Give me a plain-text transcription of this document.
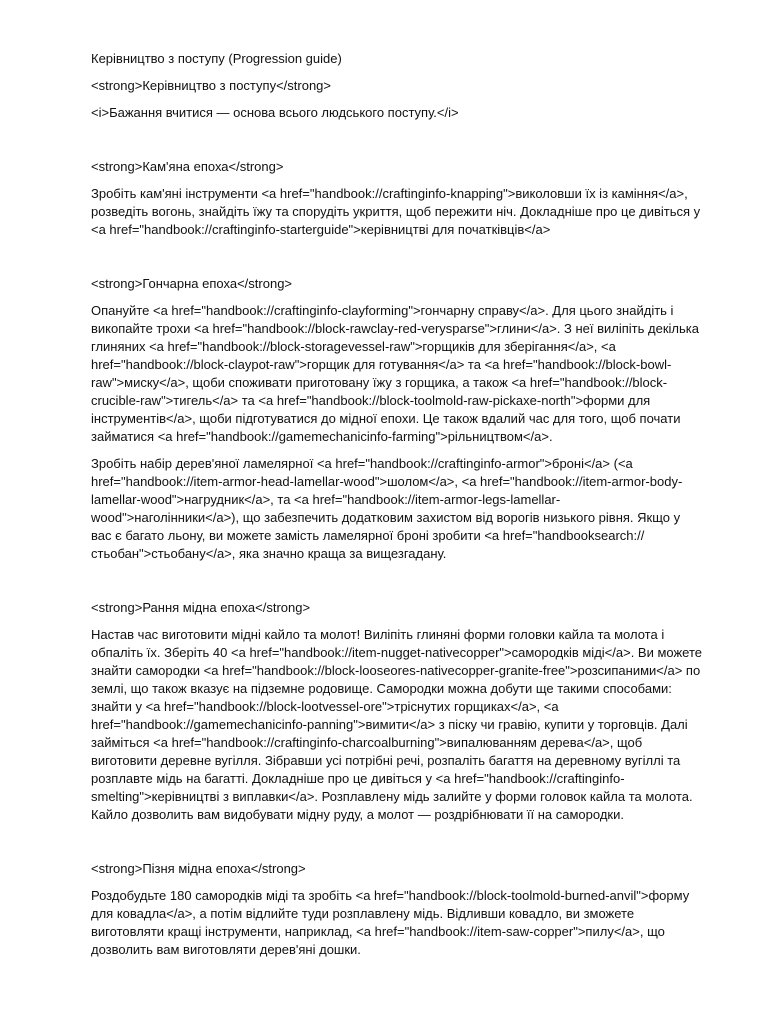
Керівництво з поступу (Progression guide)

<strong>Керівництво з поступу</strong>

<i>Бажання вчитися — основа всього людського поступу.</i>

<strong>Кам'яна епоха</strong>

Зробіть кам'яні інструменти <a href="handbook://craftinginfo-knapping">виколовши їх із каміння</a>, розведіть вогонь, знайдіть їжу та спорудіть укриття, щоб пережити ніч. Докладніше про це дивіться у <a href="handbook://craftinginfo-starterguide">керівництві для початківців</a>

<strong>Гончарна епоха</strong>

Опануйте <a href="handbook://craftinginfo-clayforming">гончарну справу</a>. Для цього знайдіть і викопайте трохи <a href="handbook://block-rawclay-red-verysparse">глини</a>. З неї виліпіть декілька глиняних <a href="handbook://block-storagevessel-raw">горщиків для зберігання</a>, <a href="handbook://block-claypot-raw">горщик для готування</a> та <a href="handbook://block-bowl-raw">миску</a>, щоби споживати приготовану їжу з горщика, а також <a href="handbook://block-crucible-raw">тигель</a> та <a href="handbook://block-toolmold-raw-pickaxe-north">форми для інструментів</a>, щоби підготуватися до мідної епохи. Це також вдалий час для того, щоб почати займатися <a href="handbook://gamemechanicinfo-farming">рільництвом</a>.

Зробіть набір дерев'яної ламелярної <a href="handbook://craftinginfo-armor">броні</a> (<a href="handbook://item-armor-head-lamellar-wood">шолом</a>, <a href="handbook://item-armor-body-lamellar-wood">нагрудник</a>, та <a href="handbook://item-armor-legs-lamellar-wood">наголінники</a>), що забезпечить додатковим захистом від ворогів низького рівня. Якщо у вас є багато льону, ви можете замість ламелярної броні зробити <a href="handbooksearch://стьобан">стьобану</a>, яка значно краща за вищезгадану.

<strong>Рання мідна епоха</strong>

Настав час виготовити мідні кайло та молот! Виліпіть глиняні форми головки кайла та молота і обпаліть їх. Зберіть 40 <a href="handbook://item-nugget-nativecopper">самородків міді</a>. Ви можете знайти самородки <a href="handbook://block-looseores-nativecopper-granite-free">розсипаними</a> по землі, що також вказує на підземне родовище. Самородки можна добути ще такими способами: знайти у <a href="handbook://block-lootvessel-ore">тріснутих горщиках</a>, <a href="handbook://gamemechanicinfo-panning">вимити</a> з піску чи гравію, купити у торговців. Далі займіться <a href="handbook://craftinginfo-charcoalburning">випалюванням дерева</a>, щоб виготовити деревне вугілля. Зібравши усі потрібні речі, розпаліть багаття на деревному вугіллі та розплавте мідь на багатті. Докладніше про це дивіться у <a href="handbook://craftinginfo-smelting">керівництві з виплавки</a>. Розплавлену мідь залийте у форми головок кайла та молота. Кайло дозволить вам видобувати мідну руду, а молот — роздрібнювати її на самородки.

<strong>Пізня мідна епоха</strong>

Роздобудьте 180 самородків міді та зробіть <a href="handbook://block-toolmold-burned-anvil">форму для ковадла</a>, а потім відлийте туди розплавлену мідь. Відливши ковадло, ви зможете виготовляти кращі інструменти, наприклад, <a href="handbook://item-saw-copper">пилу</a>, що дозволить вам виготовляти дерев'яні дошки.
